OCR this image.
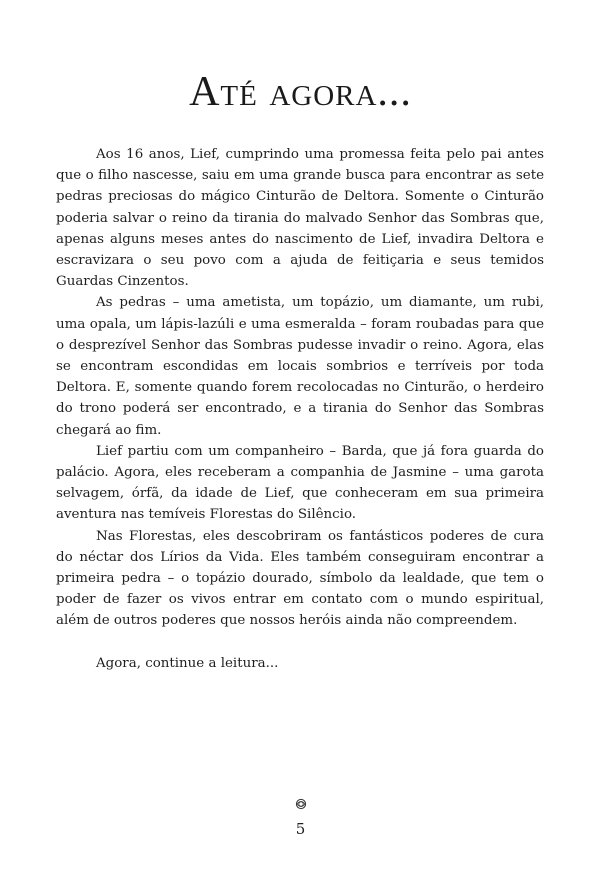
Até agora...

Aos 16 anos, Lief, cumprindo uma promessa feita pelo pai antes que o filho nascesse, saiu em uma grande busca para encontrar as sete pedras preciosas do mágico Cinturão de Deltora. Somente o Cinturão poderia salvar o reino da tirania do malvado Senhor das Sombras que, apenas alguns meses antes do nascimento de Lief, invadira Deltora e escravizara o seu povo com a ajuda de feitiçaria e seus temidos Guardas Cinzentos.

As pedras – uma ametista, um topázio, um diamante, um rubi, uma opala, um lápis-lazúli e uma esmeralda – foram roubadas para que o desprezível Senhor das Sombras pudesse invadir o reino. Agora, elas se encontram escondidas em locais sombrios e terríveis por toda Deltora. E, somente quando forem recolocadas no Cinturão, o herdeiro do trono poderá ser encontrado, e a tirania do Senhor das Sombras chegará ao fim.

Lief partiu com um companheiro – Barda, que já fora guarda do palácio. Agora, eles receberam a companhia de Jasmine – uma garota selvagem, órfã, da idade de Lief, que conheceram em sua primeira aventura nas temíveis Florestas do Silêncio.

Nas Florestas, eles descobriram os fantásticos poderes de cura do néctar dos Lírios da Vida. Eles também conseguiram encontrar a primeira pedra – o topázio dourado, símbolo da lealdade, que tem o poder de fazer os vivos entrar em contato com o mundo espiritual, além de outros poderes que nossos heróis ainda não compreendem.

Agora, continue a leitura...

5
